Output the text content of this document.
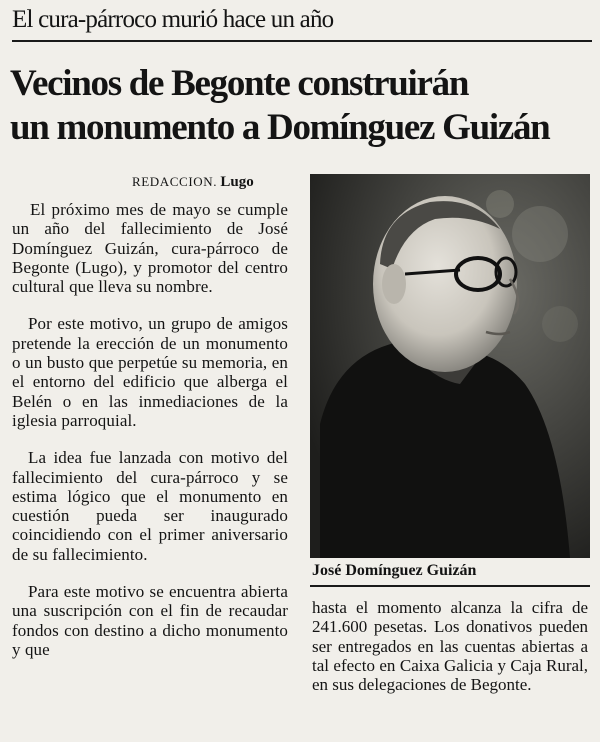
El cura-párroco murió hace un año
Vecinos de Begonte construirán
un monumento a Domínguez Guizán
REDACCION. Lugo

El próximo mes de mayo se cumple un año del fallecimiento de José Domínguez Guizán, cura-párroco de Begonte (Lugo), y promotor del centro cultural que lleva su nombre.

Por este motivo, un grupo de amigos pretende la erección de un monumento o un busto que perpetúe su memoria, en el entorno del edificio que alberga el Belén o en las inmediaciones de la iglesia parroquial.

La idea fue lanzada con motivo del fallecimiento del cura-párroco y se estima lógico que el monumento en cuestión pueda ser inaugurado coincidiendo con el primer aniversario de su fallecimiento.

Para este motivo se encuentra abierta una suscripción con el fin de recaudar fondos con destino a dicho monumento y que

José Domínguez Guizán

hasta el momento alcanza la cifra de 241.600 pesetas. Los donativos pueden ser entregados en las cuentas abiertas a tal efecto en Caixa Galicia y Caja Rural, en sus delegaciones de Begonte.
